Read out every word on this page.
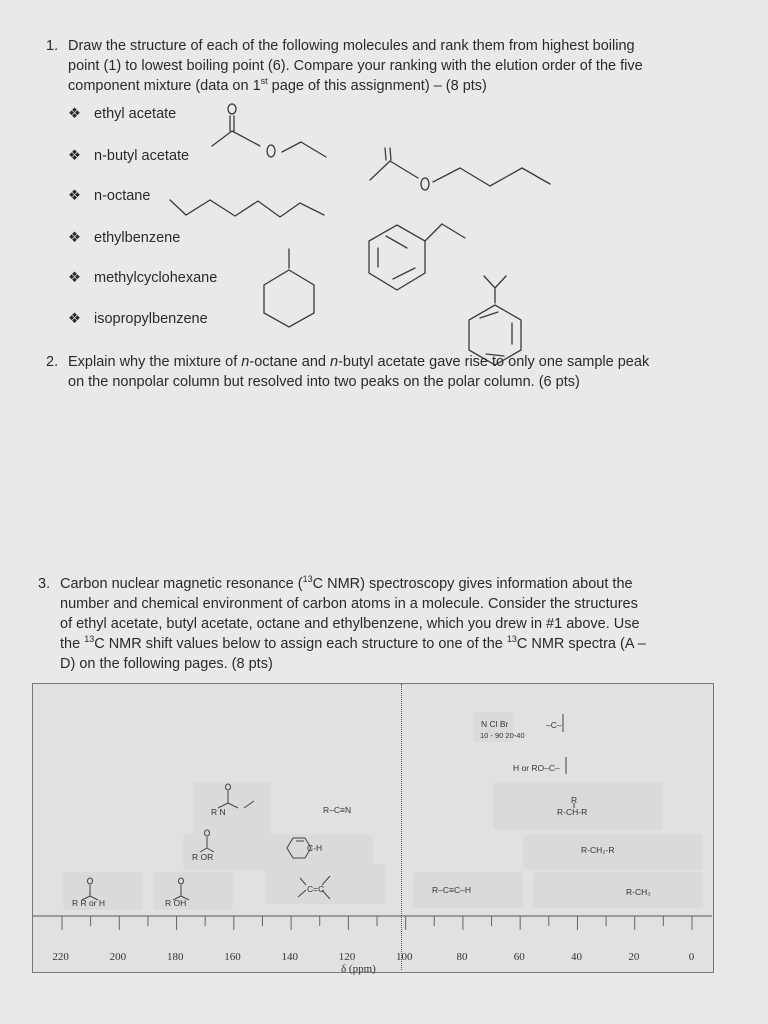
1. Draw the structure of each of the following molecules and rank them from highest boiling
point (1) to lowest boiling point (6). Compare your ranking with the elution order of the five
component mixture (data on 1st page of this assignment) – (8 pts)
❖ ethyl acetate
❖ n-butyl acetate
❖ n-octane
❖ ethylbenzene
❖ methylcyclohexane
❖ isopropylbenzene
2. Explain why the mixture of n-octane and n-butyl acetate gave rise to only one sample peak
on the nonpolar column but resolved into two peaks on the polar column. (6 pts)
3. Carbon nuclear magnetic resonance ($^{13}$C NMR) spectroscopy gives information about the
number and chemical environment of carbon atoms in a molecule. Consider the structures
of ethyl acetate, butyl acetate, octane and ethylbenzene, which you drew in #1 above. Use
the $^{13}$C NMR shift values below to assign each structure to one of the $^{13}$C NMR spectra (A –
D) on the following pages. (8 pts)
N Cl Br
10 - 90 20-40
–C–
H or RO–C–
R N	R–C≡N
R
R-CH-R
R OR
C-H	R-CH₂-R
R R or H	R OH
C=C	R–C≡C–H	R-CH₃
220	200	180	160	140	120	100	80	60	40	20	0
δ (ppm)
